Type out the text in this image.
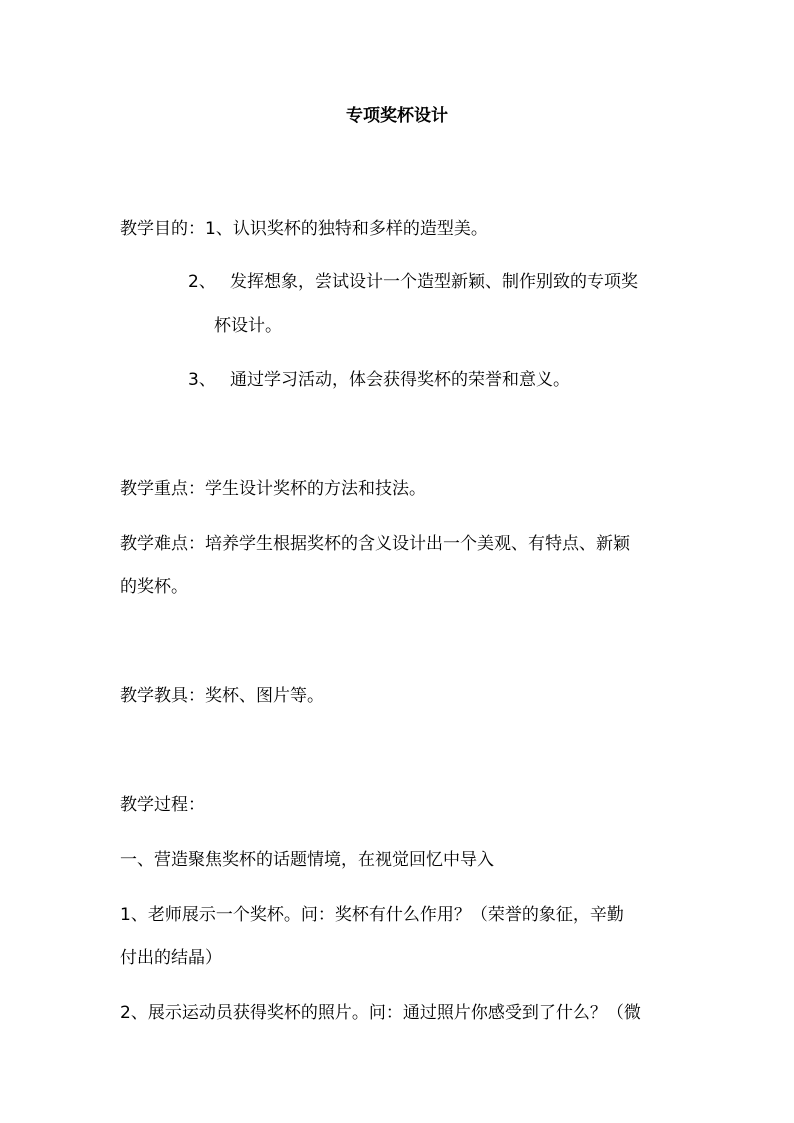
专项奖杯设计
教学目的：1、认识奖杯的独特和多样的造型美。
2、 发挥想象，尝试设计一个造型新颖、制作别致的专项奖
杯设计。
3、 通过学习活动，体会获得奖杯的荣誉和意义。
教学重点：学生设计奖杯的方法和技法。
教学难点：培养学生根据奖杯的含义设计出一个美观、有特点、新颖
的奖杯。
教学教具：奖杯、图片等。
教学过程：
一、营造聚焦奖杯的话题情境，在视觉回忆中导入
1、老师展示一个奖杯。问：奖杯有什么作用？（荣誉的象征，辛勤
付出的结晶）
2、展示运动员获得奖杯的照片。问：通过照片你感受到了什么？（微
